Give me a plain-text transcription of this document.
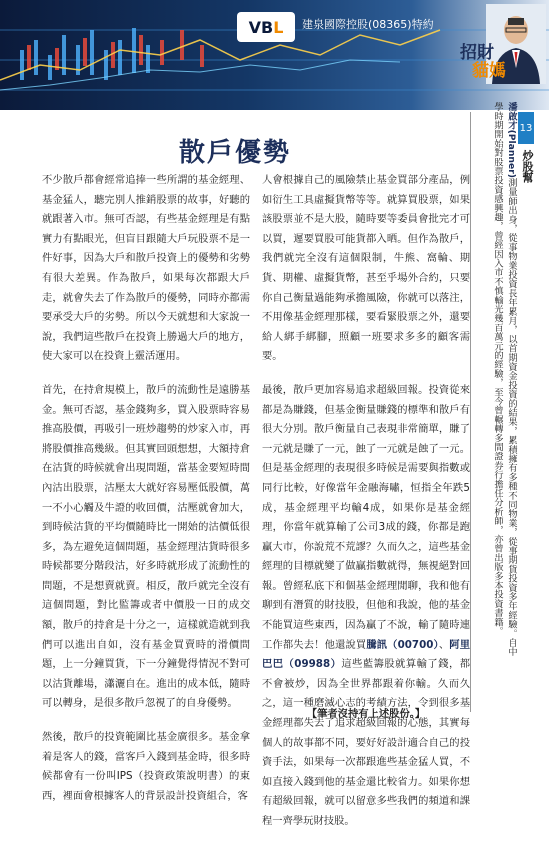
VB L 建泉國際控股(08365)特約
招財
貓媽
13
炒股幫
潘啟才(Planner)測量師出身，從事物業投資長年累月，以首期資金投資的結果，累積擁有多種不同物業，從事期貨投資多年經驗。自中學時期開始對股票投資感興趣，曾經因入市不慎輸光幾百萬元的經驗，至今曾輾轉多間證券行擔任分析師，亦曾出版多本投資書籍。
散戶優勢

不少散戶都會經常追捧一些所謂的基金經理、基金猛人，聽完別人推銷股票的故事，好聽的就跟著入市。無可否認，有些基金經理是有點實力有點眼光，但盲目跟隨大戶玩股票不是一件好事，因為大戶和散戶投資上的優勢和劣勢有很大差異。作為散戶，如果每次都跟大戶走，就會失去了作為散戶的優勢，同時亦都需要承受大戶的劣勢。所以今天就想和大家說一說，我們這些散戶在投資上勝過大戶的地方，使大家可以在投資上靈活運用。

首先，在持倉規模上，散戶的流動性是遠勝基金。無可否認，基金錢夠多，買入股票時容易推高股價，再吸引一班炒趨勢的炒家入市，再將股價推高幾級。但其實回頭想想，大額持倉在沽貨的時候就會出現問題，當基金要短時間內沽出股票，沽壓太大就好容易壓低股價，萬一不小心觸及牛證的收回價，沽壓就會加大，到時候沽貨的平均價隨時比一開始的沽價低很多，為左避免這個問題，基金經理沽貨時很多時候都要分階段沽，好多時就形成了流動性的問題，不是想賣就賣。相反，散戶就完全沒有這個問題，對比監籌或者中價股一日的成交額，散戶的持倉是十分之一，這樣就造就到我們可以進出自如，沒有基金買賣時的滑價問題，上一分鐘買貨，下一分鐘覺得情況不對可以沽貨離場，瀟灑自在。進出的成本低，隨時可以轉身，是很多散戶忽視了的自身優勢。

然後，散戶的投資範圍比基金廣很多。基金拿着是客人的錢，當客戶入錢到基金時，很多時候都會有一份叫IPS（投資政策說明書）的東西，裡面會根據客人的背景設計投資組合，客

人會根據自己的風險禁止基金買部分產品，例如衍生工具虛擬貨幣等等。就算買股票，如果該股票並不是大股，隨時要等委員會批完才可以買，遲要買股可能貨都入晒。但作為散戶，我們就完全沒有這個限制，牛熊、窩輪、期貨、期權、虛擬貨幣，甚至乎場外合約，只要你自己衡量過能夠承擔風險，你就可以落注，不用像基金經理那樣，要看緊股票之外，還要給人綁手綁腳，照顧一班要求多多的顧客需要。

最後，散戶更加容易追求超級回報。投資從來都是為賺錢，但基金衡量賺錢的標準和散戶有很大分別。散戶衡量自己表現非常簡單，賺了一元就是賺了一元，蝕了一元就是蝕了一元。但是基金經理的表現很多時候是需要與指數或同行比較，好像當年金融海嘯，恒指全年跌5成，基金經理平均輸4成，如果你是基金經理，你當年就算輸了公司3成的錢，你都是跑贏大市，你說荒不荒謬？久而久之，這些基金經理的目標就變了做贏指數就得，無視絕對回報。曾經私底下和個基金經理閒聊，我和他有聊到有潛質的財技股，但他和我說，他的基金不能買這些東西，因為贏了不說，輸了隨時連工作都失去！他還說買騰訊（00700）、阿里巴巴（09988）這些藍籌股就算輸了錢，都不會被炒，因為全世界都跟着你輸。久而久之，這一種磨滅心志的考績方法，令到很多基金經理都失去了追求超級回報的心態，其實每個人的故事都不同，要好好設計適合自己的投資手法，如果每一次都跟進些基金猛人買，不如直接入錢到他的基金還比較省力。如果你想有超級回報，就可以留意多些我們的頻道和課程一齊學玩財技股。

【筆者沒持有上述股份。】
